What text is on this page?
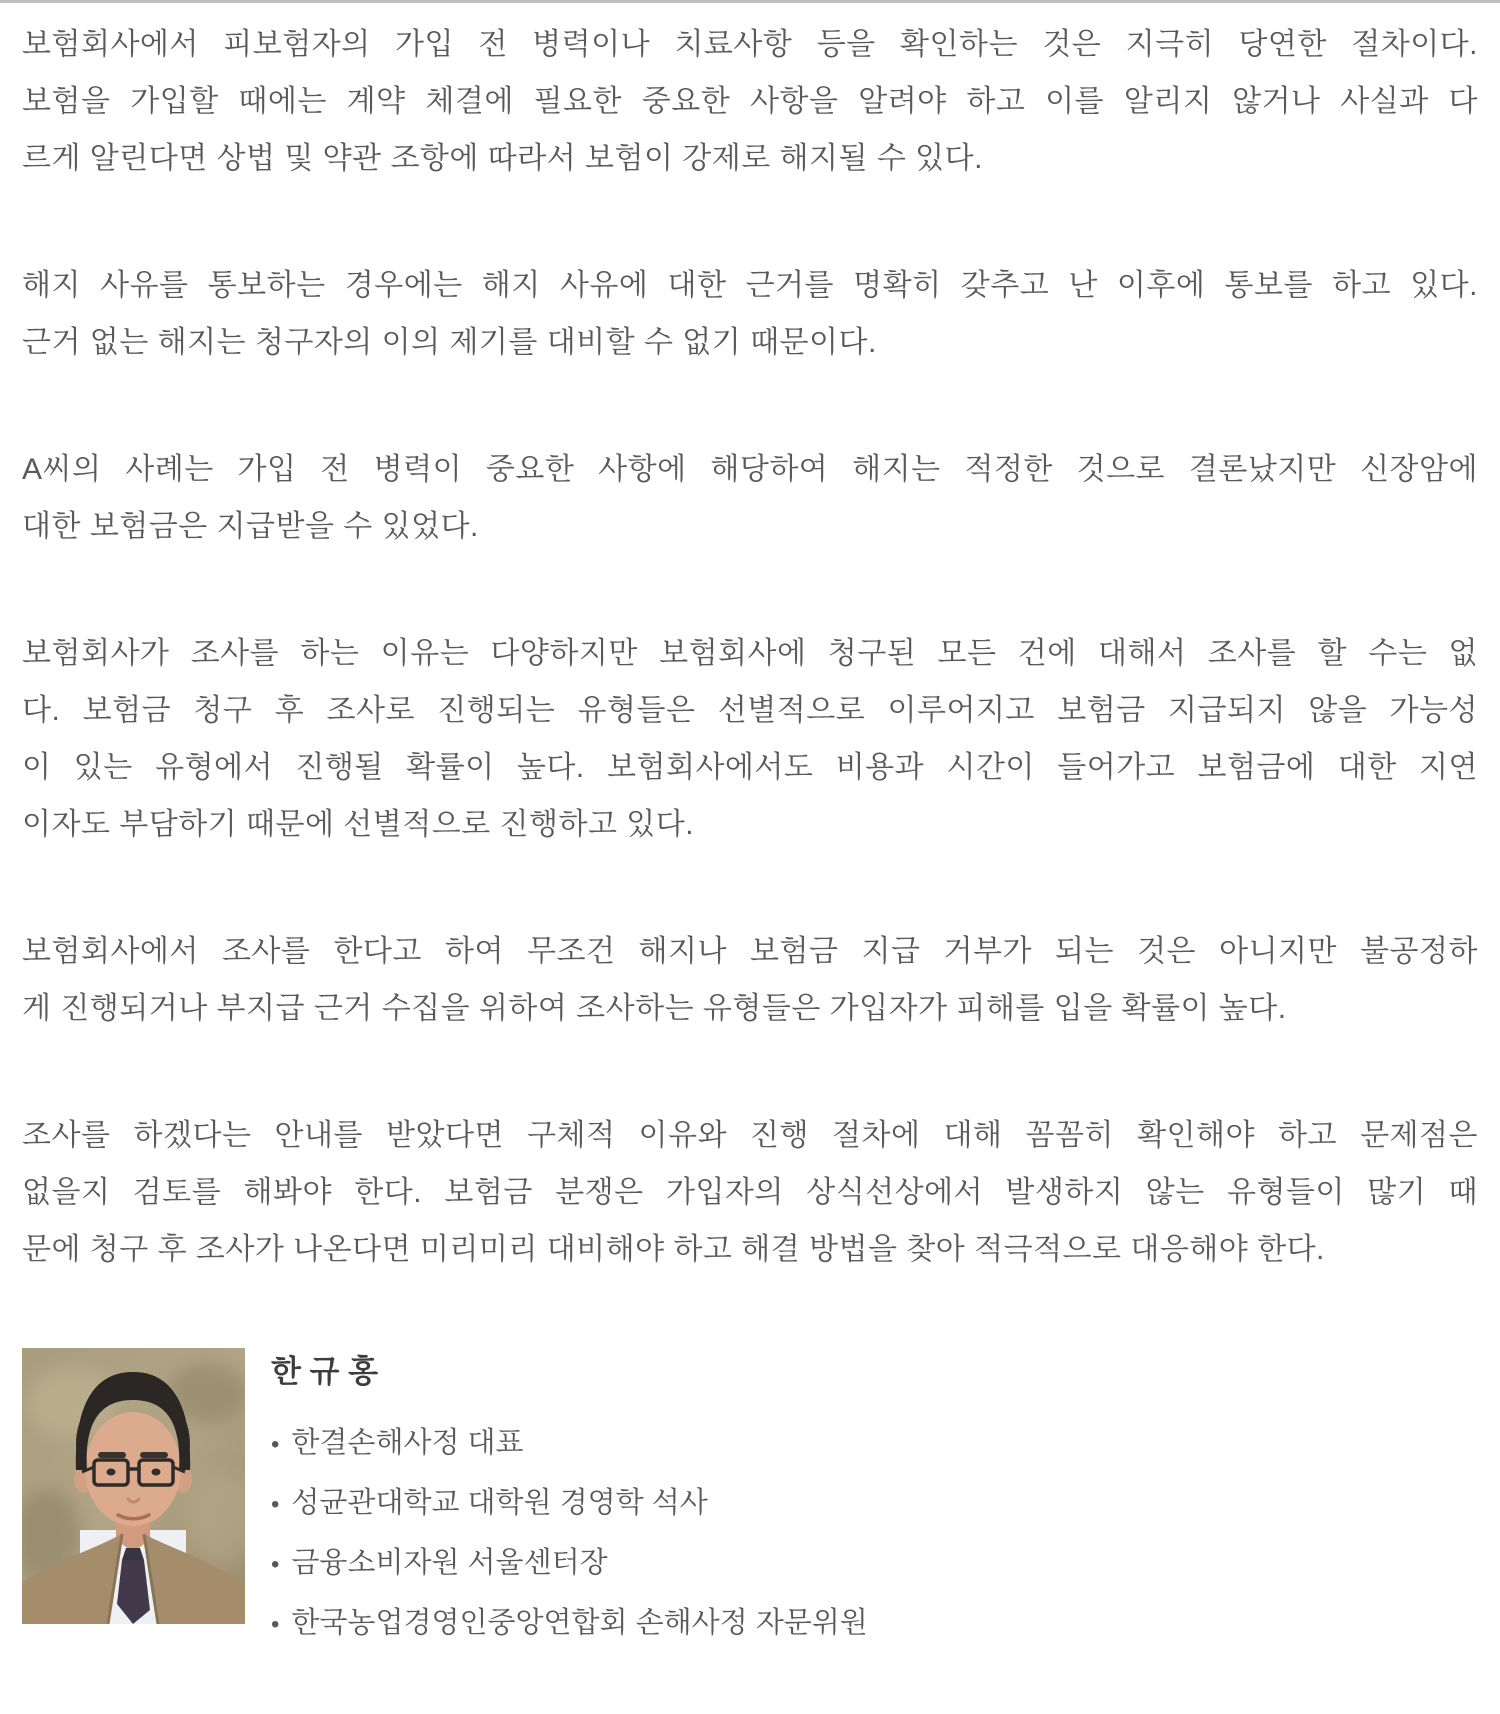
보험회사에서 피보험자의 가입 전 병력이나 치료사항 등을 확인하는 것은 지극히 당연한 절차이다.
보험을 가입할 때에는 계약 체결에 필요한 중요한 사항을 알려야 하고 이를 알리지 않거나 사실과 다
르게 알린다면 상법 및 약관 조항에 따라서 보험이 강제로 해지될 수 있다.
해지 사유를 통보하는 경우에는 해지 사유에 대한 근거를 명확히 갖추고 난 이후에 통보를 하고 있다.
근거 없는 해지는 청구자의 이의 제기를 대비할 수 없기 때문이다.
A씨의 사례는 가입 전 병력이 중요한 사항에 해당하여 해지는 적정한 것으로 결론났지만 신장암에
대한 보험금은 지급받을 수 있었다.
보험회사가 조사를 하는 이유는 다양하지만 보험회사에 청구된 모든 건에 대해서 조사를 할 수는 없
다. 보험금 청구 후 조사로 진행되는 유형들은 선별적으로 이루어지고 보험금 지급되지 않을 가능성
이 있는 유형에서 진행될 확률이 높다. 보험회사에서도 비용과 시간이 들어가고 보험금에 대한 지연
이자도 부담하기 때문에 선별적으로 진행하고 있다.
보험회사에서 조사를 한다고 하여 무조건 해지나 보험금 지급 거부가 되는 것은 아니지만 불공정하
게 진행되거나 부지급 근거 수집을 위하여 조사하는 유형들은 가입자가 피해를 입을 확률이 높다.
조사를 하겠다는 안내를 받았다면 구체적 이유와 진행 절차에 대해 꼼꼼히 확인해야 하고 문제점은
없을지 검토를 해봐야 한다. 보험금 분쟁은 가입자의 상식선상에서 발생하지 않는 유형들이 많기 때
문에 청구 후 조사가 나온다면 미리미리 대비해야 하고 해결 방법을 찾아 적극적으로 대응해야 한다.
한 규 홍
• 한결손해사정 대표
• 성균관대학교 대학원 경영학 석사
• 금융소비자원 서울센터장
• 한국농업경영인중앙연합회 손해사정 자문위원
